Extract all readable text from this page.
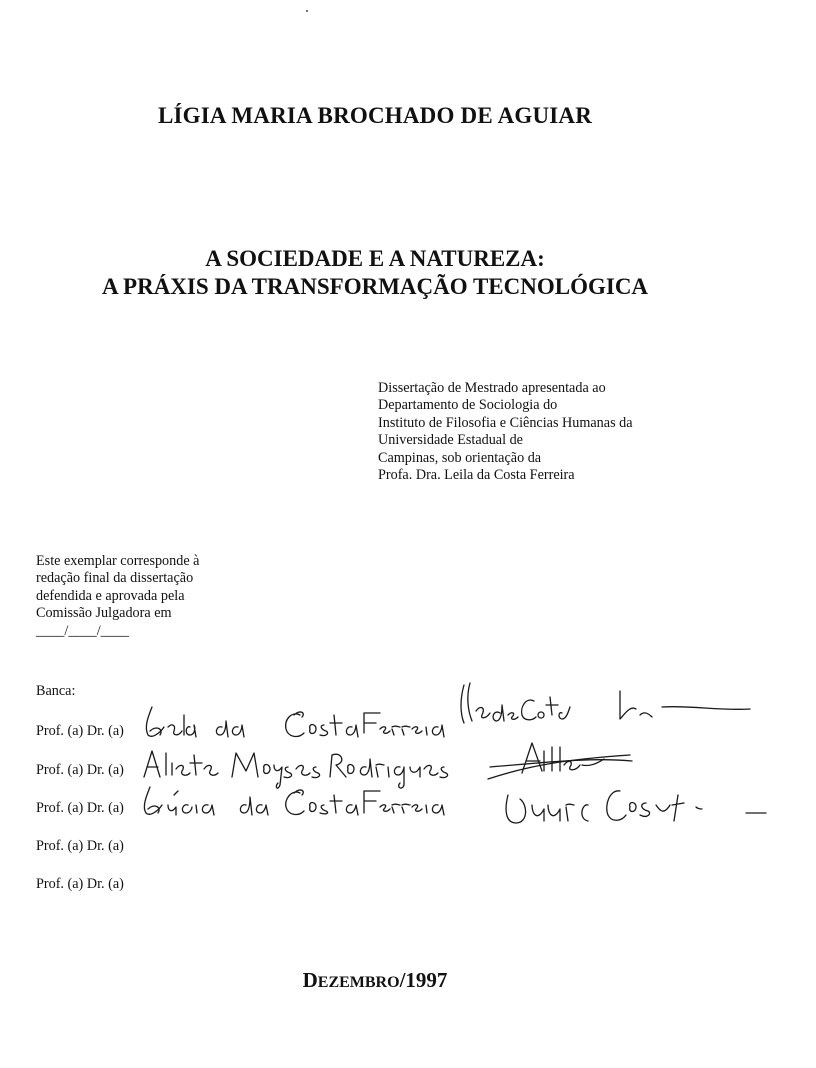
LÍGIA MARIA BROCHADO DE AGUIAR
A SOCIEDADE E A NATUREZA:
A PRÁXIS DA TRANSFORMAÇÃO TECNOLÓGICA
Dissertação de Mestrado apresentada ao
Departamento de Sociologia do
Instituto de Filosofia e Ciências Humanas da
Universidade Estadual de
Campinas, sob orientação da
Profa. Dra. Leila da Costa Ferreira
Este exemplar corresponde à
redação final da dissertação
defendida e aprovada pela
Comissão Julgadora em
____/____/____
Banca:
Prof. (a) Dr. (a)
Prof. (a) Dr. (a)
Prof. (a) Dr. (a)
Prof. (a) Dr. (a)
Prof. (a) Dr. (a)
DEZEMBRO/1997
